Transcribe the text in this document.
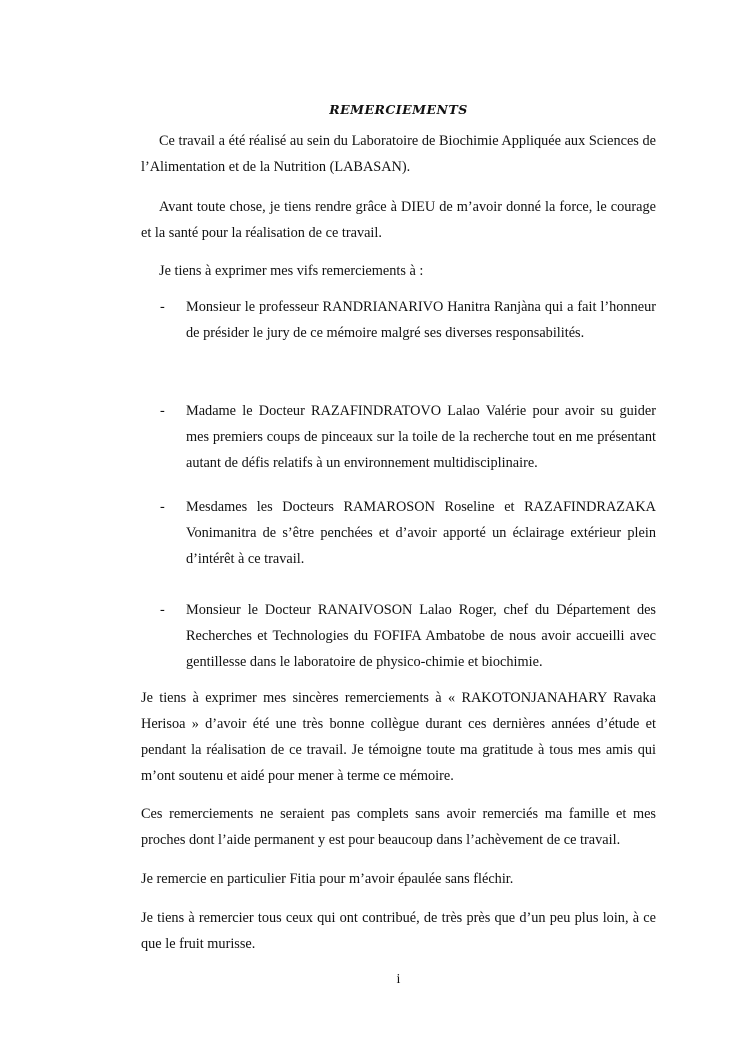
REMERCIEMENTS

Ce travail a été réalisé au sein du Laboratoire de Biochimie Appliquée aux Sciences de l’Alimentation et de la Nutrition (LABASAN).

Avant toute chose, je tiens rendre grâce à DIEU de m’avoir donné la force, le courage et la santé pour la réalisation de ce travail.

Je tiens à exprimer mes vifs remerciements à :

-	Monsieur le professeur RANDRIANARIVO Hanitra Ranjàna qui a fait l’honneur de présider le jury de ce mémoire malgré ses diverses responsabilités.
-	Madame le Docteur RAZAFINDRATOVO Lalao Valérie pour avoir su guider mes premiers coups de pinceaux sur la toile de la recherche tout en me présentant autant de défis relatifs à un environnement multidisciplinaire.
-	Mesdames les Docteurs RAMAROSON Roseline et RAZAFINDRAZAKA Vonimanitra de s’être penchées et d’avoir apporté un éclairage extérieur plein d’intérêt à ce travail.
-	Monsieur le Docteur RANAIVOSON Lalao Roger, chef du Département des Recherches et Technologies du FOFIFA Ambatobe de nous avoir accueilli avec gentillesse dans le laboratoire de physico-chimie et biochimie.

Je tiens à exprimer mes sincères remerciements à « RAKOTONJANAHARY Ravaka Herisoa » d’avoir été une très bonne collègue durant ces dernières années d’étude et pendant la réalisation de ce travail. Je témoigne toute ma gratitude à tous mes amis qui m’ont soutenu et aidé pour mener à terme ce mémoire.

Ces remerciements ne seraient pas complets sans avoir remerciés ma famille et mes proches dont l’aide permanent y est pour beaucoup dans l’achèvement de ce travail.

Je remercie en particulier Fitia pour m’avoir épaulée sans fléchir.

Je tiens à remercier tous ceux qui ont contribué, de très près que d’un peu plus loin, à ce que le fruit murisse.

i
